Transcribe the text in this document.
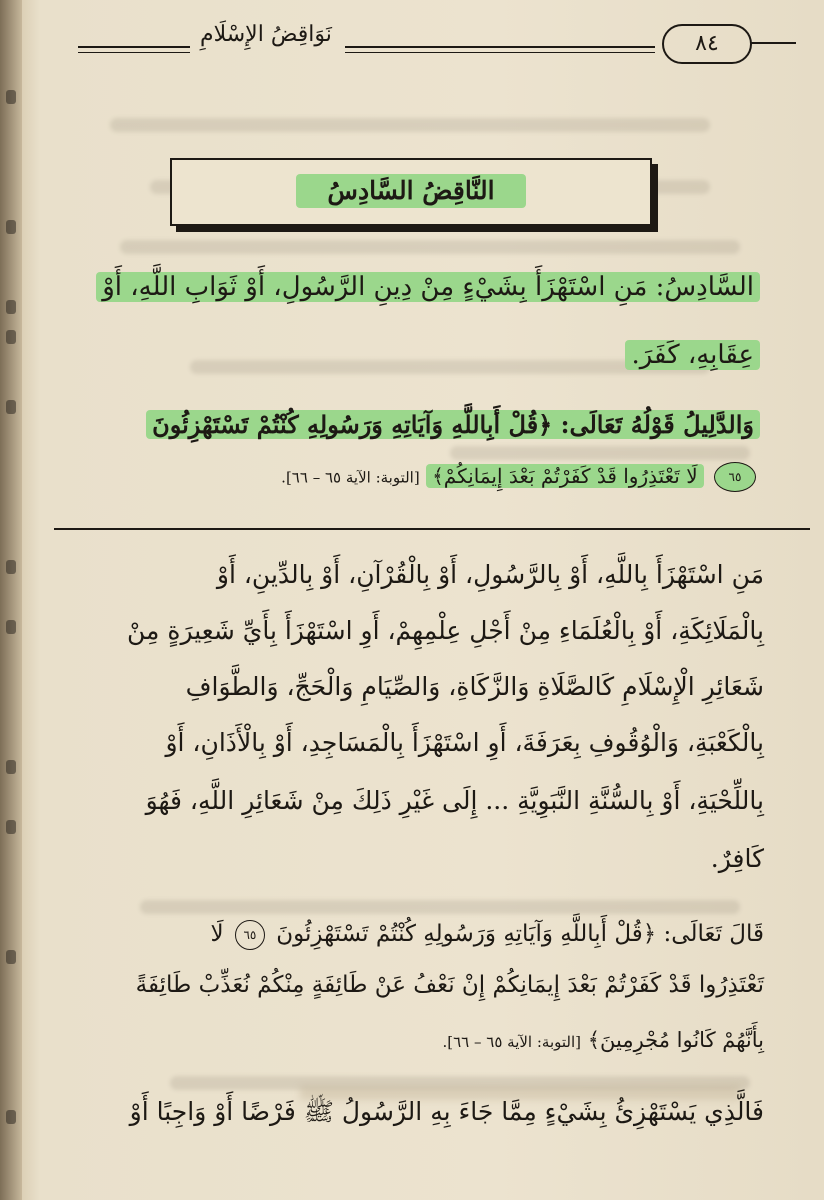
نَوَاقِضُ الإِسْلَامِ	٨٤
النَّاقِضُ السَّادِسُ
السَّادِسُ: مَنِ اسْتَهْزَأَ بِشَيْءٍ مِنْ دِينِ الرَّسُولِ، أَوْ ثَوَابِ اللَّهِ، أَوْ
عِقَابِهِ، كَفَرَ.
وَالدَّلِيلُ قَوْلُهُ تَعَالَى: ﴿قُلْ أَبِاللَّهِ وَآيَاتِهِ وَرَسُولِهِ كُنْتُمْ تَسْتَهْزِئُونَ
٦٥ لَا تَعْتَذِرُوا قَدْ كَفَرْتُمْ بَعْدَ إِيمَانِكُمْ﴾ [التوبة: الآية ٦٥ – ٦٦].
مَنِ اسْتَهْزَأَ بِاللَّهِ، أَوْ بِالرَّسُولِ، أَوْ بِالْقُرْآنِ، أَوْ بِالدِّينِ، أَوْ
بِالْمَلَائِكَةِ، أَوْ بِالْعُلَمَاءِ مِنْ أَجْلِ عِلْمِهِمْ، أَوِ اسْتَهْزَأَ بِأَيِّ شَعِيرَةٍ مِنْ
شَعَائِرِ الْإِسْلَامِ كَالصَّلَاةِ وَالزَّكَاةِ، وَالصِّيَامِ وَالْحَجِّ، وَالطَّوَافِ
بِالْكَعْبَةِ، وَالْوُقُوفِ بِعَرَفَةَ، أَوِ اسْتَهْزَأَ بِالْمَسَاجِدِ، أَوْ بِالْأَذَانِ، أَوْ
بِاللِّحْيَةِ، أَوْ بِالسُّنَّةِ النَّبَوِيَّةِ ... إِلَى غَيْرِ ذَلِكَ مِنْ شَعَائِرِ اللَّهِ، فَهُوَ
كَافِرٌ.
قَالَ تَعَالَى: ﴿قُلْ أَبِاللَّهِ وَآيَاتِهِ وَرَسُولِهِ كُنْتُمْ تَسْتَهْزِئُونَ ٦٥ لَا
تَعْتَذِرُوا قَدْ كَفَرْتُمْ بَعْدَ إِيمَانِكُمْ إِنْ نَعْفُ عَنْ طَائِفَةٍ مِنْكُمْ نُعَذِّبْ طَائِفَةً
بِأَنَّهُمْ كَانُوا مُجْرِمِينَ﴾ [التوبة: الآية ٦٥ – ٦٦].
فَالَّذِي يَسْتَهْزِئُ بِشَيْءٍ مِمَّا جَاءَ بِهِ الرَّسُولُ ﷺ فَرْضًا أَوْ وَاجِبًا أَوْ
